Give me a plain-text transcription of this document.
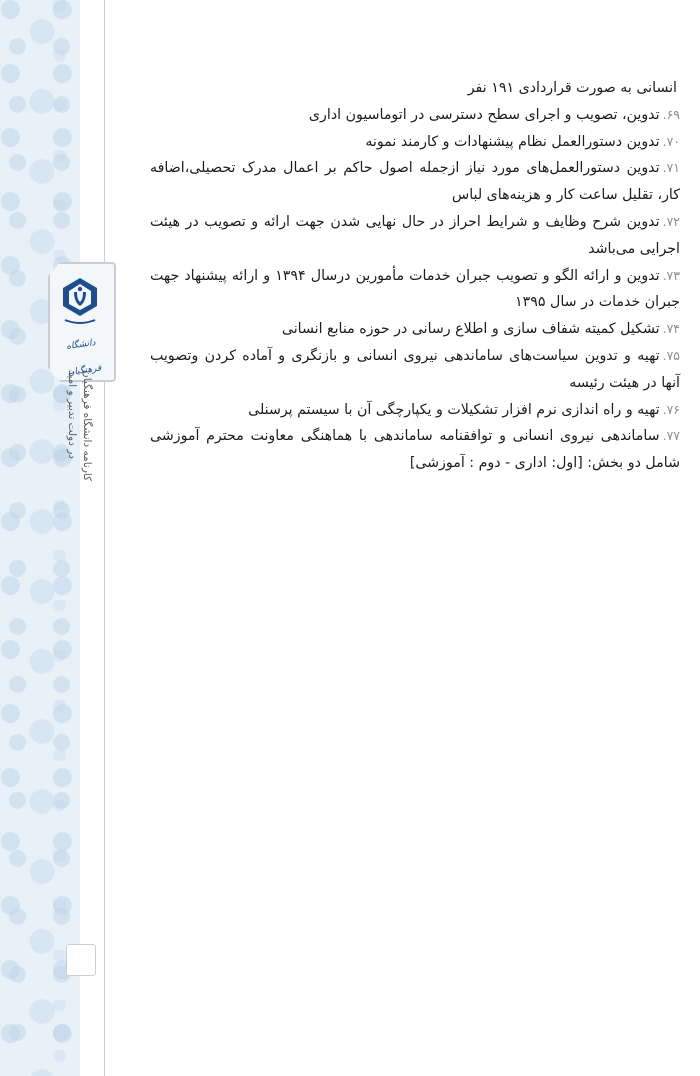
دانشگاه فرهنگیان
کارنامه دانشگاه فرهنگیان
در دولت تدبیر و امید

انسانی به صورت قراردادی ۱۹۱ نفر

۶۹.تدوین، تصویب و اجرای سطح دسترسی در اتوماسیون اداری

۷۰.تدوین دستورالعمل نظام پیشنهادات و کارمند نمونه

۷۱.تدوین دستورالعمل‌های مورد نیاز ازجمله اصول حاکم بر اعمال مدرک تحصیلی،اضافه کار، تقلیل ساعت کار و هزینه‌های لباس

۷۲.تدوین شرح وظایف و شرایط احراز در حال نهایی شدن جهت ارائه و تصویب در هیئت اجرایی می‌باشد

۷۳.تدوین و ارائه الگو و تصویب جبران خدمات مأمورین درسال ۱۳۹۴ و ارائه پیشنهاد جهت جبران خدمات در سال ۱۳۹۵

۷۴.تشکیل کمیته شفاف سازی و اطلاع رسانی در حوزه منابع انسانی

۷۵.تهیه و تدوین سیاست‌های ساماندهی نیروی انسانی و بازنگری و آماده کردن وتصویب آنها در هیئت رئیسه

۷۶.تهیه و راه اندازی نرم افزار تشکیلات و یکپارچگی آن با سیستم پرسنلی

۷۷.ساماندهی نیروی انسانی و توافقنامه ساماندهی با هماهنگی معاونت محترم آموزشی شامل دو بخش: [اول: اداری - دوم : آموزشی]
